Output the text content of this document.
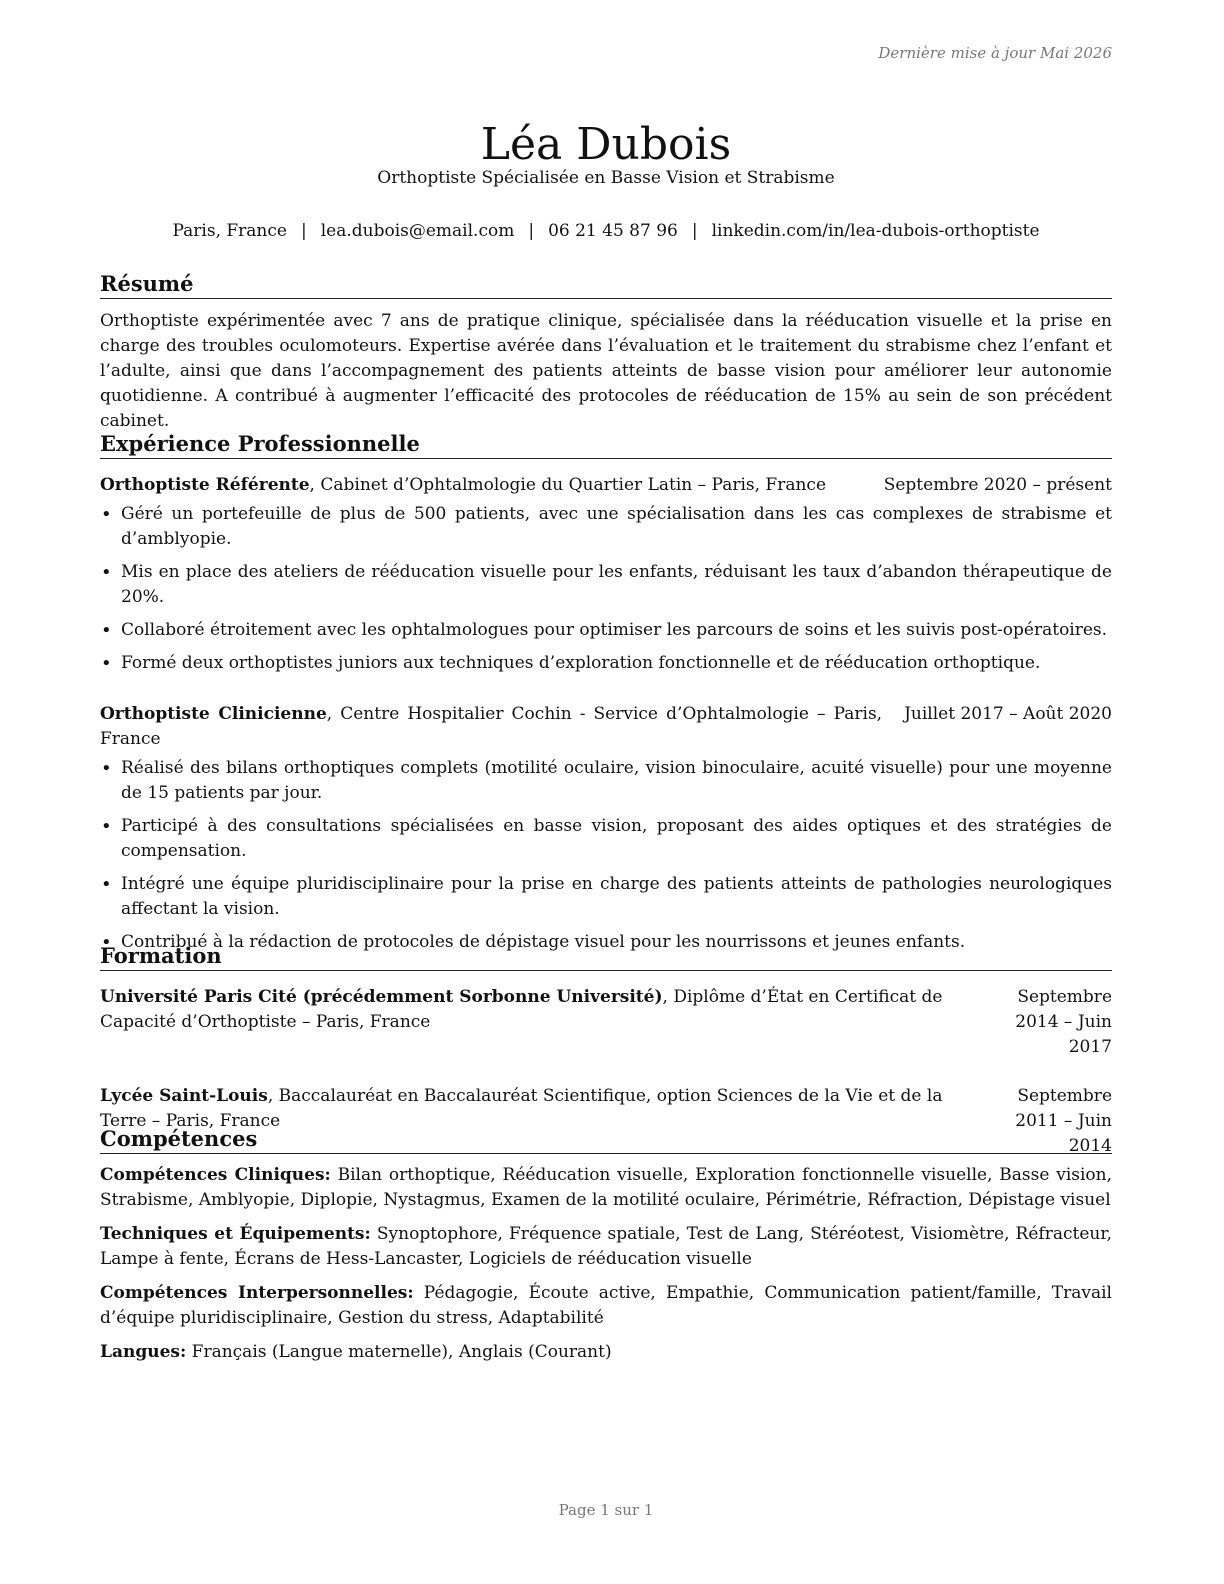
Dernière mise à jour Mai 2026
Léa Dubois
Orthoptiste Spécialisée en Basse Vision et Strabisme
Paris, France | lea.dubois@email.com | 06 21 45 87 96 | linkedin.com/in/lea-dubois-orthoptiste
Résumé

Orthoptiste expérimentée avec 7 ans de pratique clinique, spécialisée dans la rééducation visuelle et la prise en charge des troubles oculomoteurs. Expertise avérée dans l’évaluation et le traitement du strabisme chez l’enfant et l’adulte, ainsi que dans l’accompagnement des patients atteints de basse vision pour améliorer leur autonomie quotidienne. A contribué à augmenter l’efficacité des protocoles de rééducation de 15% au sein de son précédent cabinet.

Expérience Professionnelle
Orthoptiste Référente, Cabinet d’Ophtalmologie du Quartier Latin – Paris, France	Septembre 2020 – présent
• Géré un portefeuille de plus de 500 patients, avec une spécialisation dans les cas complexes de strabisme et d’amblyopie.
• Mis en place des ateliers de rééducation visuelle pour les enfants, réduisant les taux d’abandon thérapeutique de 20%.
• Collaboré étroitement avec les ophtalmologues pour optimiser les parcours de soins et les suivis post-opératoires.
• Formé deux orthoptistes juniors aux techniques d’exploration fonctionnelle et de rééducation orthoptique.
Orthoptiste Clinicienne, Centre Hospitalier Cochin - Service d’Ophtalmologie – Paris, France
Juillet 2017 – Août 2020
• Réalisé des bilans orthoptiques complets (motilité oculaire, vision binoculaire, acuité visuelle) pour une moyenne de 15 patients par jour.
• Participé à des consultations spécialisées en basse vision, proposant des aides optiques et des stratégies de compensation.
• Intégré une équipe pluridisciplinaire pour la prise en charge des patients atteints de pathologies neurologiques affectant la vision.
• Contribué à la rédaction de protocoles de dépistage visuel pour les nourrissons et jeunes enfants.
Formation
Université Paris Cité (précédemment Sorbonne Université), Diplôme d’État en Certificat de Capacité d’Orthoptiste – Paris, France
Septembre 2014 – Juin 2017
Lycée Saint-Louis, Baccalauréat en Baccalauréat Scientifique, option Sciences de la Vie et de la Terre – Paris, France
Septembre 2011 – Juin 2014
Compétences
Compétences Cliniques: Bilan orthoptique, Rééducation visuelle, Exploration fonctionnelle visuelle, Basse vision, Strabisme, Amblyopie, Diplopie, Nystagmus, Examen de la motilité oculaire, Périmétrie, Réfraction, Dépistage visuel
Techniques et Équipements: Synoptophore, Fréquence spatiale, Test de Lang, Stéréotest, Visiomètre, Réfracteur, Lampe à fente, Écrans de Hess-Lancaster, Logiciels de rééducation visuelle
Compétences Interpersonnelles: Pédagogie, Écoute active, Empathie, Communication patient/famille, Travail d’équipe pluridisciplinaire, Gestion du stress, Adaptabilité
Langues: Français (Langue maternelle), Anglais (Courant)
Page 1 sur 1
